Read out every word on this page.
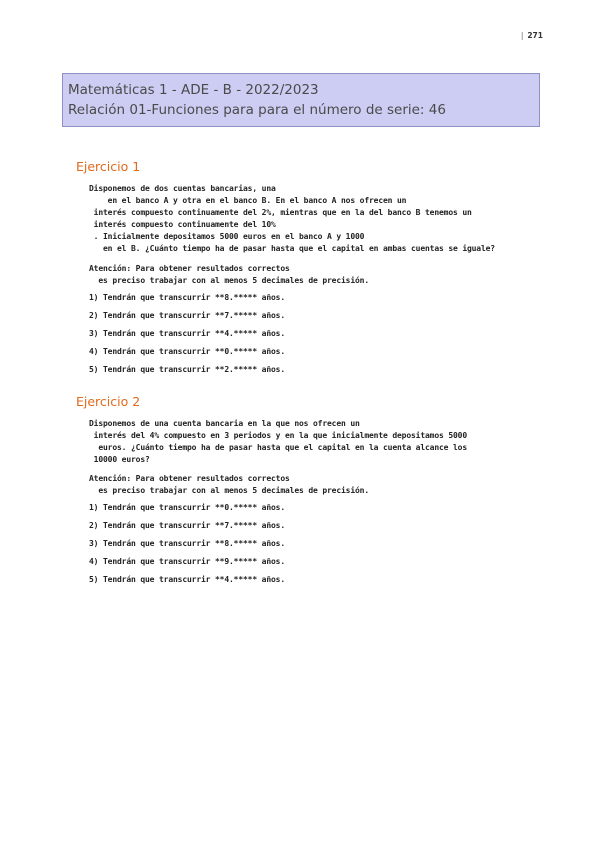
| 271
Matemáticas 1 - ADE - B - 2022/2023
Relación 01-Funciones para para el número de serie: 46
Ejercicio 1
Disponemos de dos cuentas bancarias, una
en el banco A y otra en el banco B. En el banco A nos ofrecen un
interés compuesto continuamente del 2%, mientras que en la del banco B tenemos un
interés compuesto continuamente del 10%
. Inicialmente depositamos 5000 euros en el banco A y 1000
en el B. ¿Cuánto tiempo ha de pasar hasta que el capital en ambas cuentas se iguale?
Atención: Para obtener resultados correctos
es preciso trabajar con al menos 5 decimales de precisión.
1) Tendrán que transcurrir **8.***** años.
2) Tendrán que transcurrir **7.***** años.
3) Tendrán que transcurrir **4.***** años.
4) Tendrán que transcurrir **0.***** años.
5) Tendrán que transcurrir **2.***** años.
Ejercicio 2
Disponemos de una cuenta bancaria en la que nos ofrecen un
interés del 4% compuesto en 3 periodos y en la que inicialmente depositamos 5000
euros. ¿Cuánto tiempo ha de pasar hasta que el capital en la cuenta alcance los
10000 euros?
Atención: Para obtener resultados correctos
es preciso trabajar con al menos 5 decimales de precisión.
1) Tendrán que transcurrir **0.***** años.
2) Tendrán que transcurrir **7.***** años.
3) Tendrán que transcurrir **8.***** años.
4) Tendrán que transcurrir **9.***** años.
5) Tendrán que transcurrir **4.***** años.
